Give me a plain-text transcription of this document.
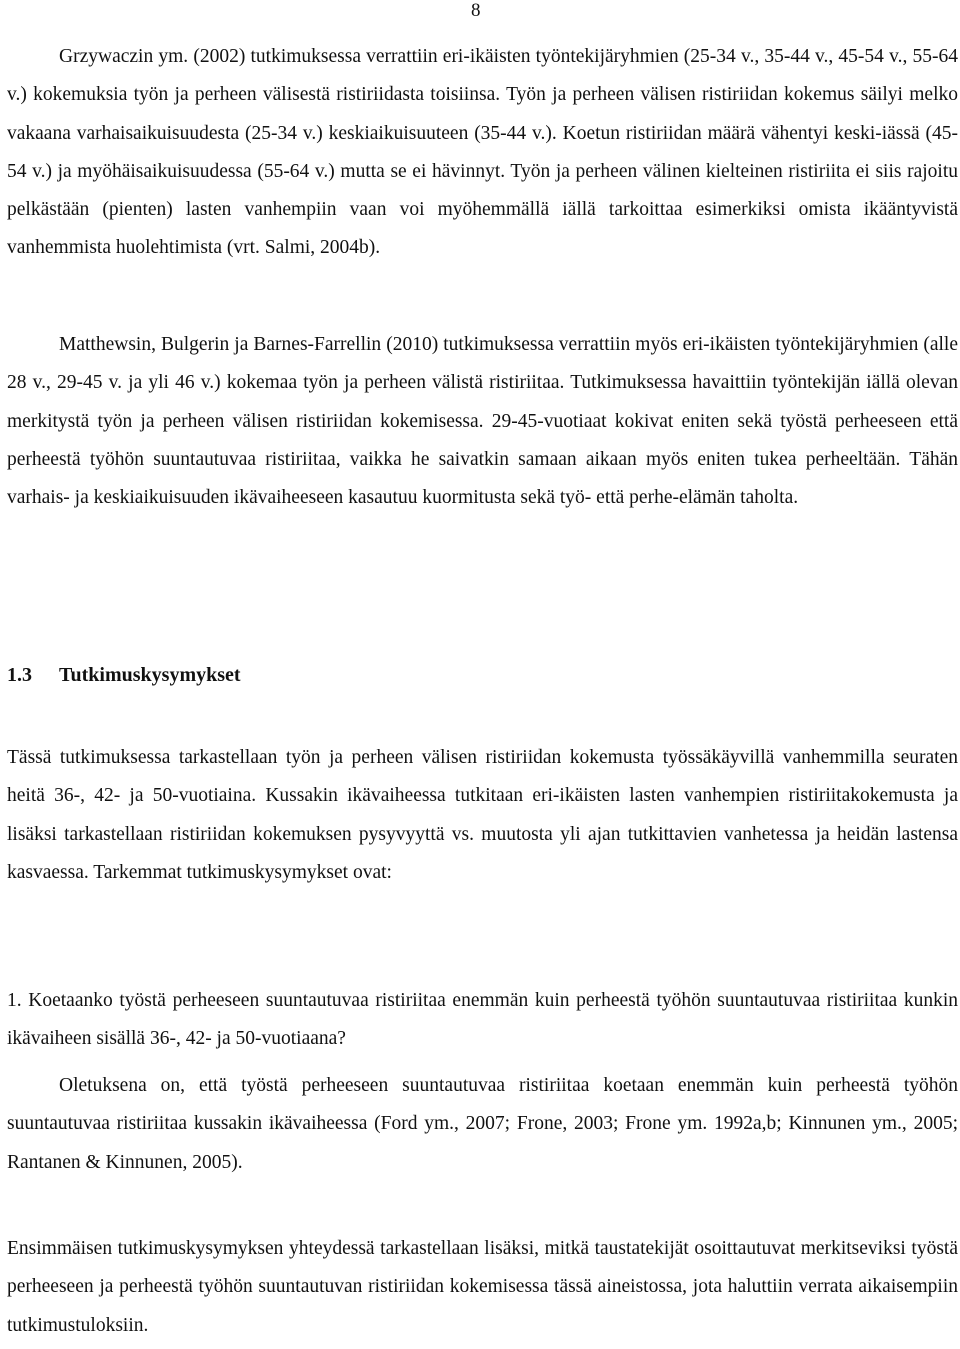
8

Grzywaczin ym. (2002) tutkimuksessa verrattiin eri-ikäisten työntekijäryhmien (25-34 v., 35-44 v., 45-54 v., 55-64 v.) kokemuksia työn ja perheen välisestä ristiriidasta toisiinsa. Työn ja perheen välisen ristiriidan kokemus säilyi melko vakaana varhaisaikuisuudesta (25-34 v.) keskiaikuisuuteen (35-44 v.). Koetun ristiriidan määrä vähentyi keski-iässä (45-54 v.) ja myöhäisaikuisuudessa (55-64 v.) mutta se ei hävinnyt. Työn ja perheen välinen kielteinen ristiriita ei siis rajoitu pelkästään (pienten) lasten vanhempiin vaan voi myöhemmällä iällä tarkoittaa esimerkiksi omista ikääntyvistä vanhemmista huolehtimista (vrt. Salmi, 2004b).

Matthewsin, Bulgerin ja Barnes-Farrellin (2010) tutkimuksessa verrattiin myös eri-ikäisten työntekijäryhmien (alle 28 v., 29-45 v. ja yli 46 v.) kokemaa työn ja perheen välistä ristiriitaa. Tutkimuksessa havaittiin työntekijän iällä olevan merkitystä työn ja perheen välisen ristiriidan kokemisessa. 29-45-vuotiaat kokivat eniten sekä työstä perheeseen että perheestä työhön suuntautuvaa ristiriitaa, vaikka he saivatkin samaan aikaan myös eniten tukea perheeltään. Tähän varhais- ja keskiaikuisuuden ikävaiheeseen kasautuu kuormitusta sekä työ- että perhe-elämän taholta.

1.3 Tutkimuskysymykset

Tässä tutkimuksessa tarkastellaan työn ja perheen välisen ristiriidan kokemusta työssäkäyvillä vanhemmilla seuraten heitä 36-, 42- ja 50-vuotiaina. Kussakin ikävaiheessa tutkitaan eri-ikäisten lasten vanhempien ristiriitakokemusta ja lisäksi tarkastellaan ristiriidan kokemuksen pysyvyyttä vs. muutosta yli ajan tutkittavien vanhetessa ja heidän lastensa kasvaessa. Tarkemmat tutkimuskysymykset ovat:

1. Koetaanko työstä perheeseen suuntautuvaa ristiriitaa enemmän kuin perheestä työhön suuntautuvaa ristiriitaa kunkin ikävaiheen sisällä 36-, 42- ja 50-vuotiaana?

Oletuksena on, että työstä perheeseen suuntautuvaa ristiriitaa koetaan enemmän kuin perheestä työhön suuntautuvaa ristiriitaa kussakin ikävaiheessa (Ford ym., 2007; Frone, 2003; Frone ym. 1992a,b; Kinnunen ym., 2005; Rantanen & Kinnunen, 2005).

Ensimmäisen tutkimuskysymyksen yhteydessä tarkastellaan lisäksi, mitkä taustatekijät osoittautuvat merkitseviksi työstä perheeseen ja perheestä työhön suuntautuvan ristiriidan kokemisessa tässä aineistossa, jota haluttiin verrata aikaisempiin tutkimustuloksiin.
